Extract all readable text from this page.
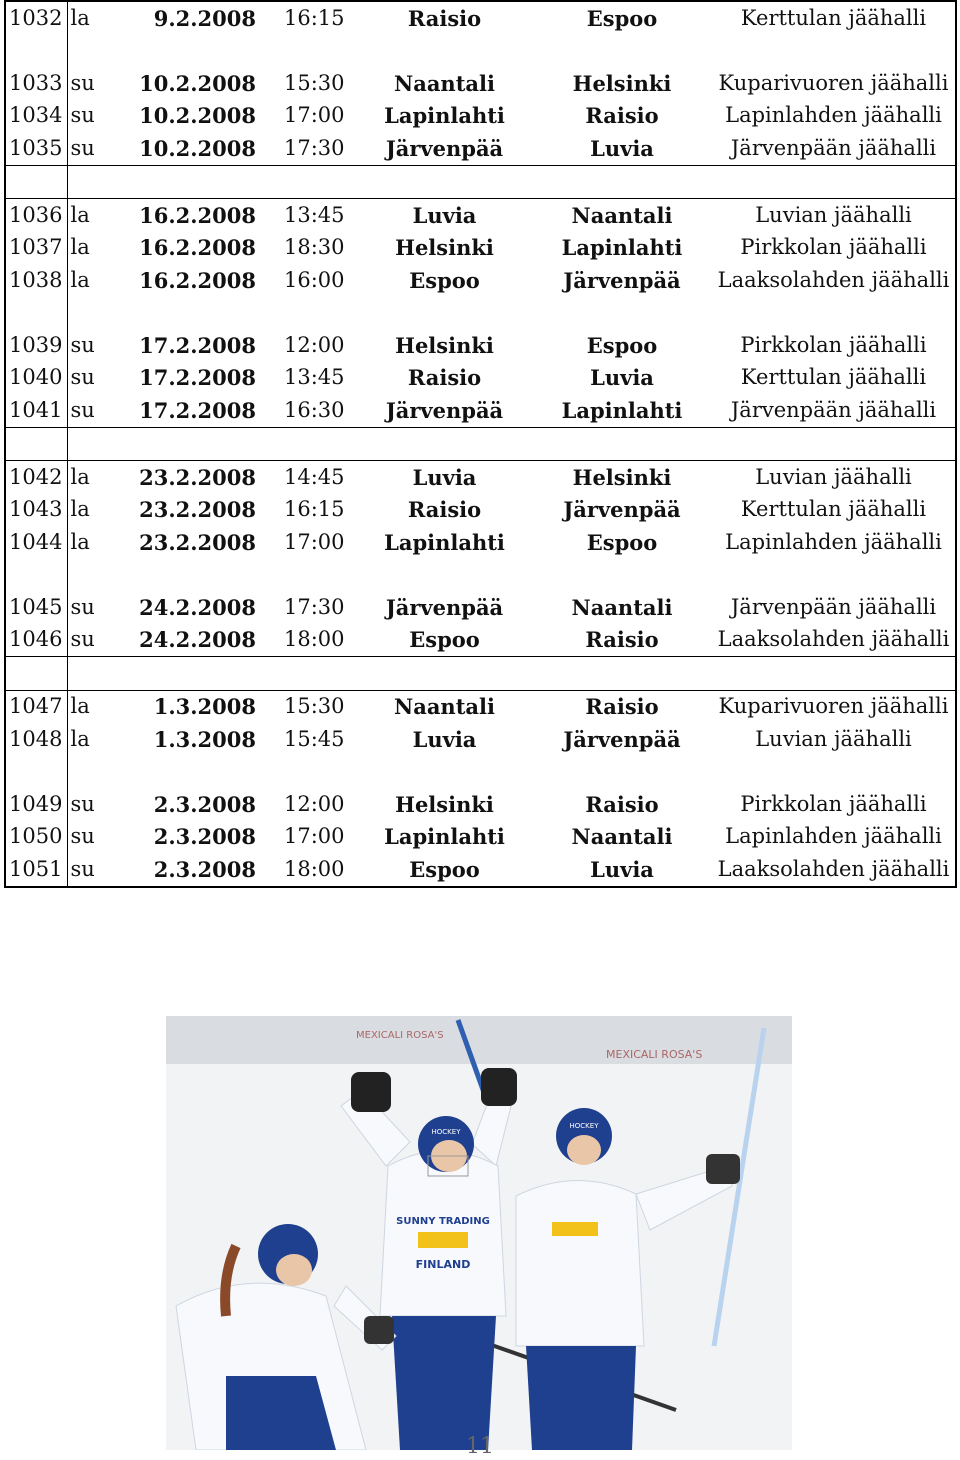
1032	la	9.2.2008	16:15	Raisio	Espoo	Kerttulan jäähalli

1033	su	10.2.2008	15:30	Naantali	Helsinki	Kuparivuoren jäähalli
1034	su	10.2.2008	17:00	Lapinlahti	Raisio	Lapinlahden jäähalli
1035	su	10.2.2008	17:30	Järvenpää	Luvia	Järvenpään jäähalli

1036	la	16.2.2008	13:45	Luvia	Naantali	Luvian jäähalli
1037	la	16.2.2008	18:30	Helsinki	Lapinlahti	Pirkkolan jäähalli
1038	la	16.2.2008	16:00	Espoo	Järvenpää	Laaksolahden jäähalli

1039	su	17.2.2008	12:00	Helsinki	Espoo	Pirkkolan jäähalli
1040	su	17.2.2008	13:45	Raisio	Luvia	Kerttulan jäähalli
1041	su	17.2.2008	16:30	Järvenpää	Lapinlahti	Järvenpään jäähalli

1042	la	23.2.2008	14:45	Luvia	Helsinki	Luvian jäähalli
1043	la	23.2.2008	16:15	Raisio	Järvenpää	Kerttulan jäähalli
1044	la	23.2.2008	17:00	Lapinlahti	Espoo	Lapinlahden jäähalli

1045	su	24.2.2008	17:30	Järvenpää	Naantali	Järvenpään jäähalli
1046	su	24.2.2008	18:00	Espoo	Raisio	Laaksolahden jäähalli

1047	la	1.3.2008	15:30	Naantali	Raisio	Kuparivuoren jäähalli
1048	la	1.3.2008	15:45	Luvia	Järvenpää	Luvian jäähalli

1049	su	2.3.2008	12:00	Helsinki	Raisio	Pirkkolan jäähalli
1050	su	2.3.2008	17:00	Lapinlahti	Naantali	Lapinlahden jäähalli
1051	su	2.3.2008	18:00	Espoo	Luvia	Laaksolahden jäähalli
MEXICALI ROSA'S
MEXICALI ROSA'S
SUNNY TRADING
FINLAND
HOCKEY
HOCKEY
11
